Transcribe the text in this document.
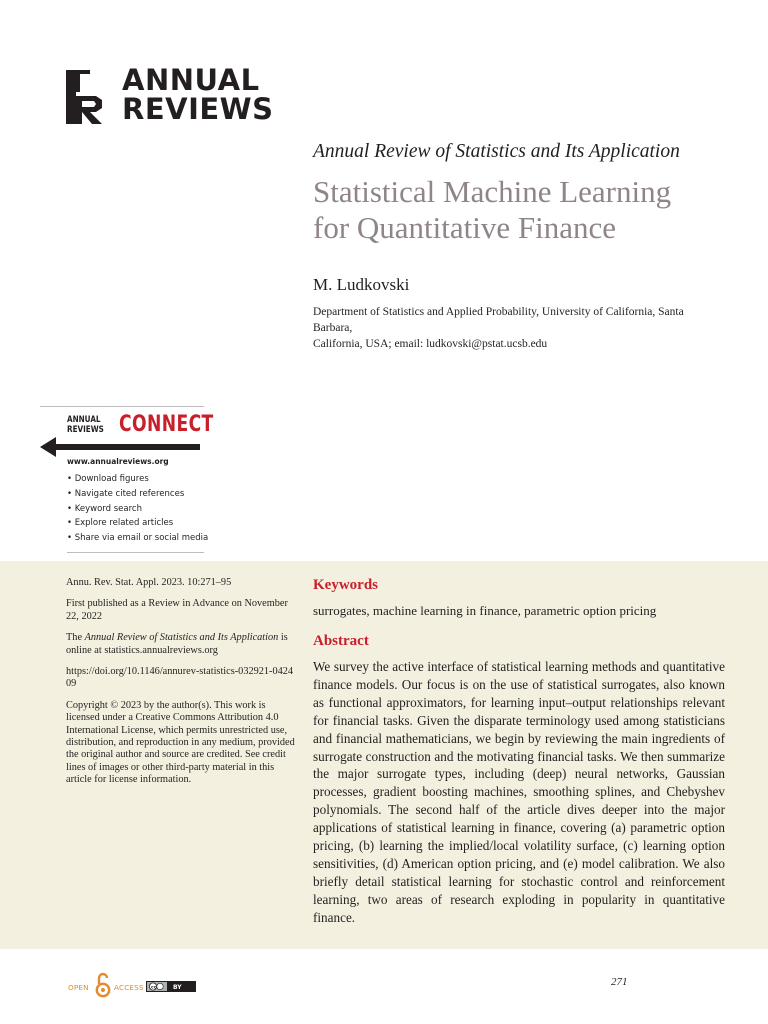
ANNUAL
REVIEWS
Annual Review of Statistics and Its Application
Statistical Machine Learning
for Quantitative Finance
M. Ludkovski
Department of Statistics and Applied Probability, University of California, Santa Barbara,
California, USA; email: ludkovski@pstat.ucsb.edu
ANNUAL
REVIEWS CONNECT
www.annualreviews.org
• Download figures
• Navigate cited references
• Keyword search
• Explore related articles
• Share via email or social media

Annu. Rev. Stat. Appl. 2023. 10:271–95

First published as a Review in Advance on November 22, 2022

The Annual Review of Statistics and Its Application is online at statistics.annualreviews.org

https://doi.org/10.1146/annurev-statistics-032921-042409

Copyright © 2023 by the author(s). This work is licensed under a Creative Commons Attribution 4.0 International License, which permits unrestricted use, distribution, and reproduction in any medium, provided the original author and source are credited. See credit lines of images or other third-party material in this article for license information.

Keywords
surrogates, machine learning in finance, parametric option pricing
Abstract
We survey the active interface of statistical learning methods and quantitative finance models. Our focus is on the use of statistical surrogates, also known as functional approximators, for learning input–output relationships relevant for financial tasks. Given the disparate terminology used among statisticians and financial mathematicians, we begin by reviewing the main ingredients of surrogate construction and the motivating financial tasks. We then summarize the major surrogate types, including (deep) neural networks, Gaussian processes, gradient boosting machines, smoothing splines, and Chebyshev polynomials. The second half of the article dives deeper into the major applications of statistical learning in finance, covering (a) parametric option pricing, (b) learning the implied/local volatility surface, (c) learning option sensitivities, (d) American option pricing, and (e) model calibration. We also briefly detail statistical learning for stochastic control and reinforcement learning, two areas of research exploding in popularity in quantitative finance.
OPEN	ACCESS cc	BY	271
